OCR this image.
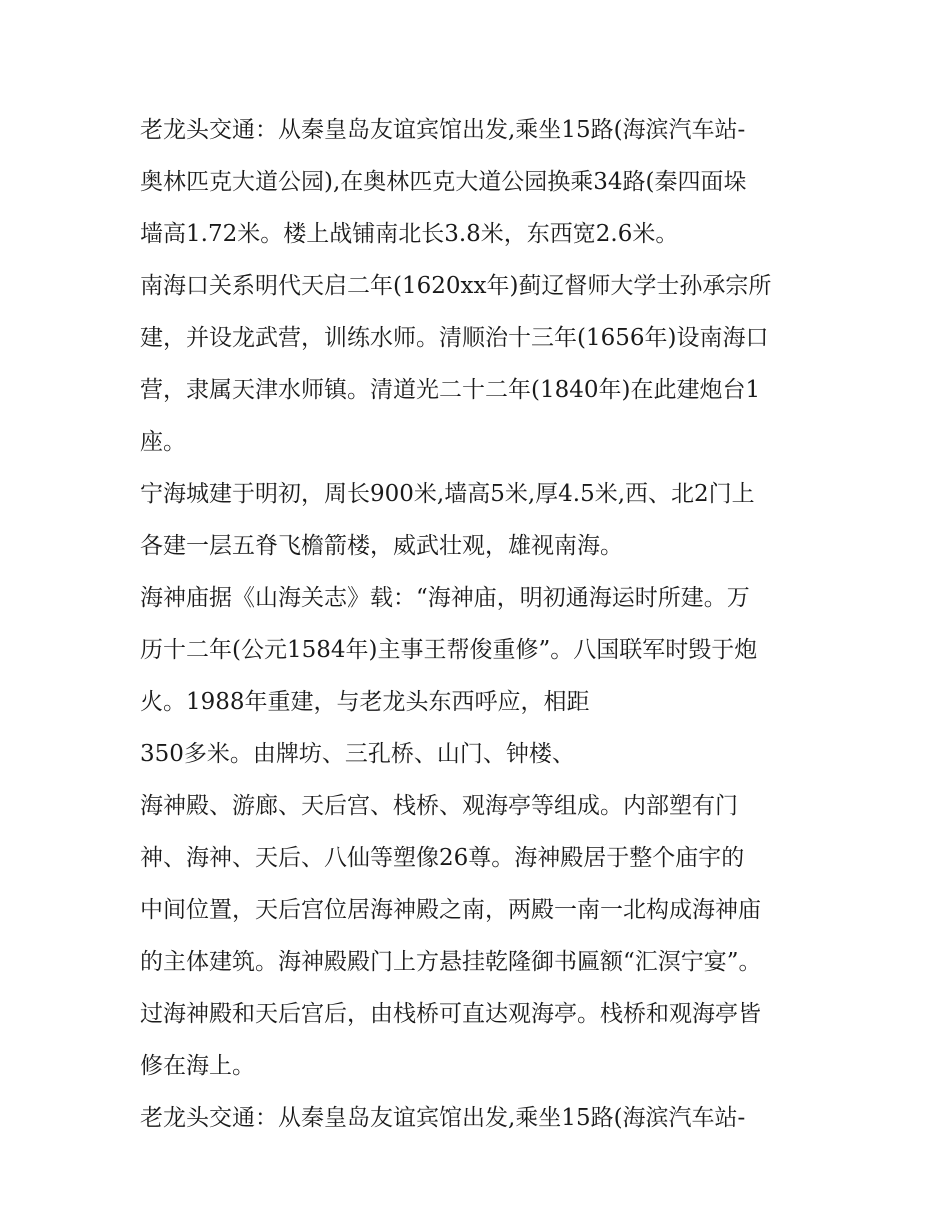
老龙头交通：从秦皇岛友谊宾馆出发,乘坐15路(海滨汽车站-
奥林匹克大道公园),在奥林匹克大道公园换乘34路(秦四面垛
墙高1.72米。楼上战铺南北长3.8米，东西宽2.6米。
南海口关系明代天启二年(1620xx年)蓟辽督师大学士孙承宗所
建，并设龙武营，训练水师。清顺治十三年(1656年)设南海口
营，隶属天津水师镇。清道光二十二年(1840年)在此建炮台1
座。
宁海城建于明初，周长900米,墙高5米,厚4.5米,西、北2门上
各建一层五脊飞檐箭楼，威武壮观，雄视南海。
海神庙据《山海关志》载：“海神庙，明初通海运时所建。万
历十二年(公元1584年)主事王帮俊重修”。八国联军时毁于炮
火。1988年重建，与老龙头东西呼应，相距
350多米。由牌坊、三孔桥、山门、钟楼、
海神殿、游廊、天后宫、栈桥、观海亭等组成。内部塑有门
神、海神、天后、八仙等塑像26尊。海神殿居于整个庙宇的
中间位置，天后宫位居海神殿之南，两殿一南一北构成海神庙
的主体建筑。海神殿殿门上方悬挂乾隆御书匾额“汇溟宁宴”。
过海神殿和天后宫后，由栈桥可直达观海亭。栈桥和观海亭皆
修在海上。
老龙头交通：从秦皇岛友谊宾馆出发,乘坐15路(海滨汽车站-
